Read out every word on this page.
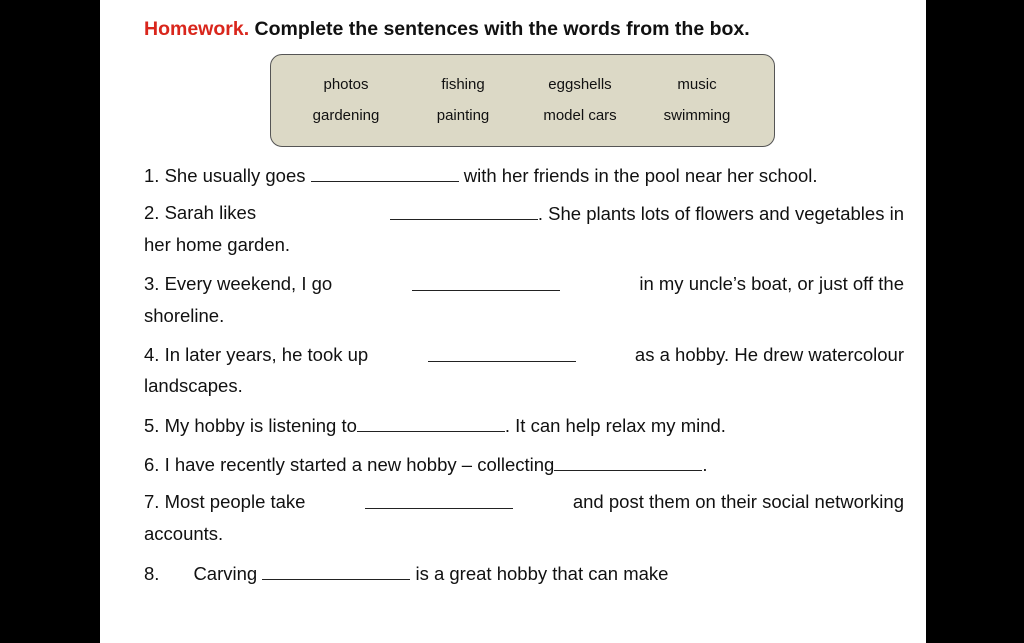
Homework. Complete the sentences with the words from the box.
photos	fishing	eggshells	music
gardening	painting	model cars	swimming
1. She usually goes	with her friends in the pool near her school.
2. Sarah likes	. She plants lots of flowers and vegetables in
her home garden.
3. Every weekend, I go	in my uncle’s boat, or just off the
shoreline.
4. In later years, he took up	as a hobby. He drew watercolour
landscapes.
5. My hobby is listening to	. It can help relax my mind.
6. I have recently started a new hobby – collecting	.
7. Most people take	and post them on their social networking
accounts.
8. Carving	is a great hobby that can make
